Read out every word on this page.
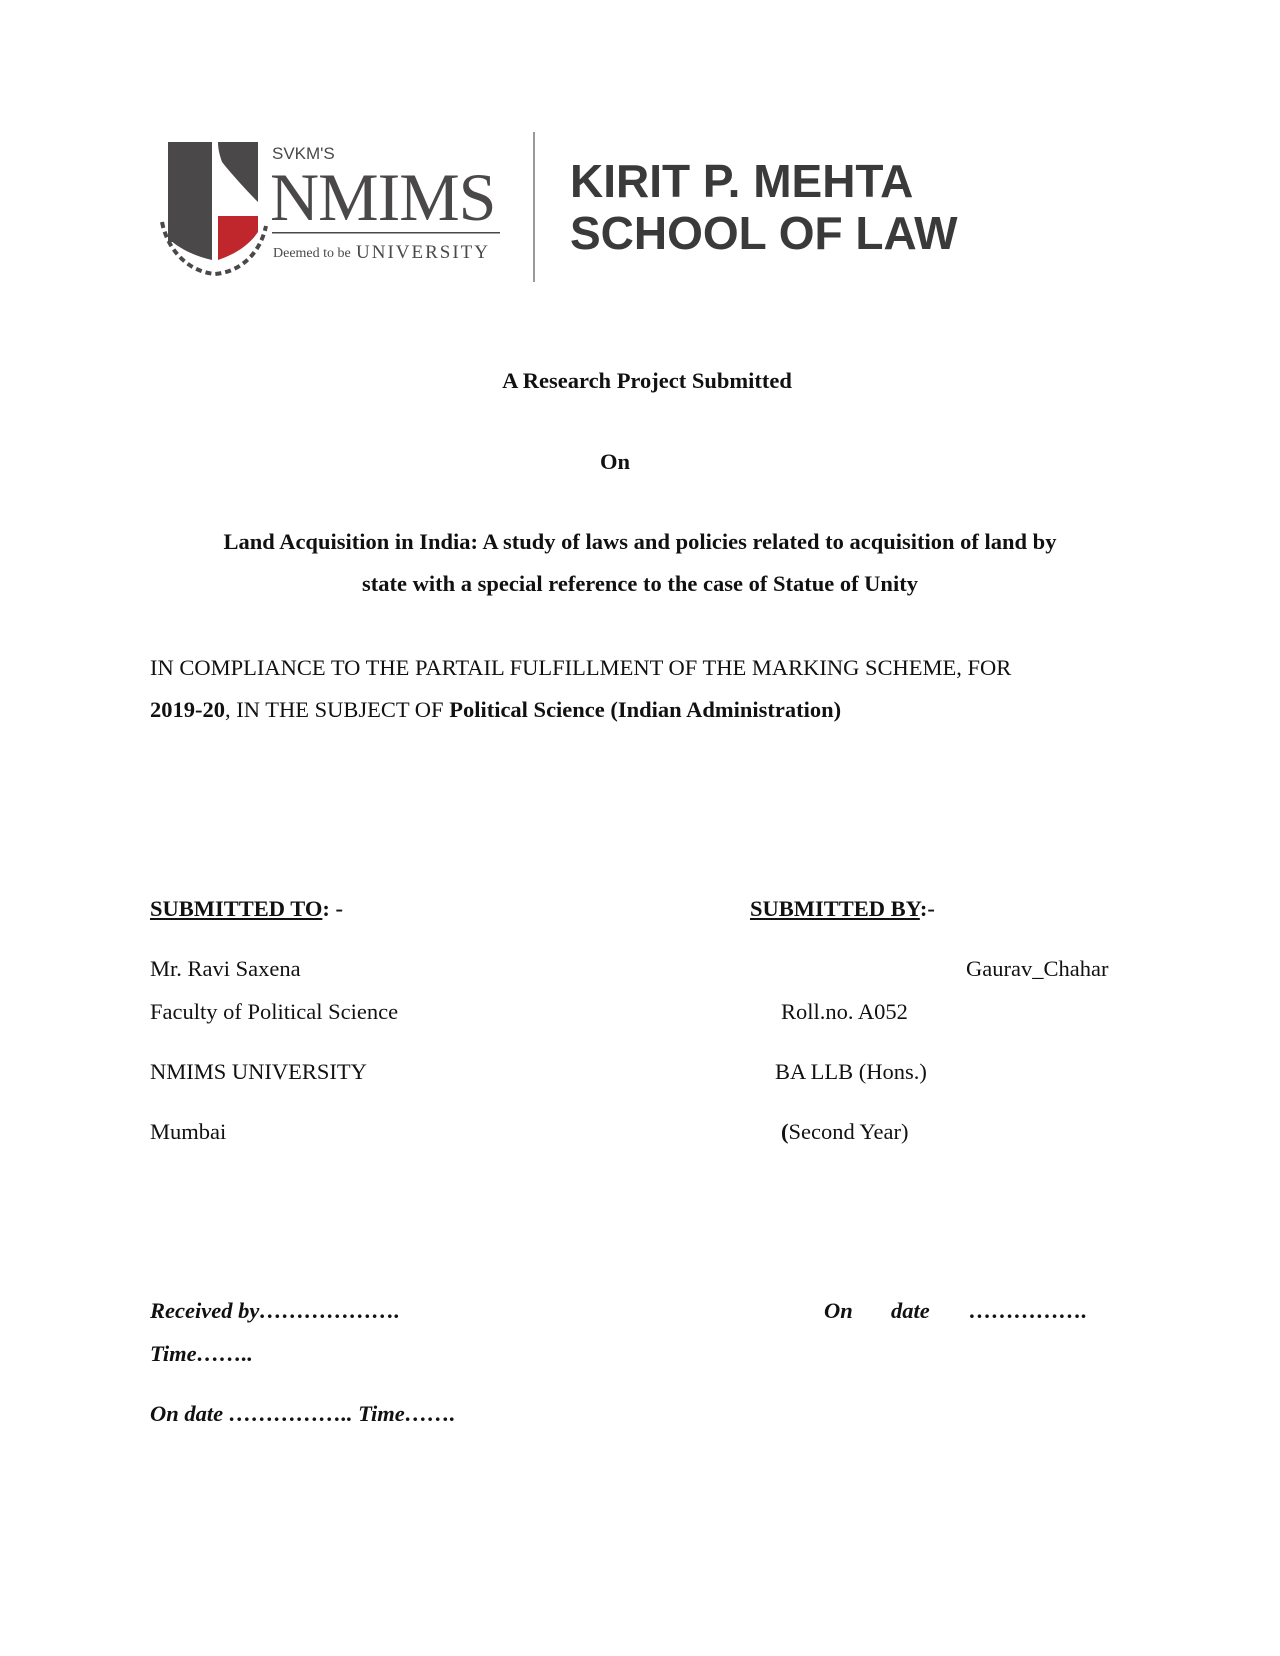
SVKM'S
NMIMS
Deemed to be UNIVERSITY
KIRIT P. MEHTA
SCHOOL OF LAW
A Research Project Submitted
On
Land Acquisition in India: A study of laws and policies related to acquisition of land by
state with a special reference to the case of Statue of Unity
IN COMPLIANCE TO THE PARTAIL FULFILLMENT OF THE MARKING SCHEME, FOR
2019-20, IN THE SUBJECT OF Political Science (Indian Administration)
SUBMITTED TO: -
Mr. Ravi Saxena
Faculty of Political Science
NMIMS UNIVERSITY
Mumbai
SUBMITTED BY:-
Gaurav_Chahar
Roll.no. A052
BA LLB (Hons.)
(Second Year)
Received by……………….	On date …………….
Time……..
On date …………….. Time…….
